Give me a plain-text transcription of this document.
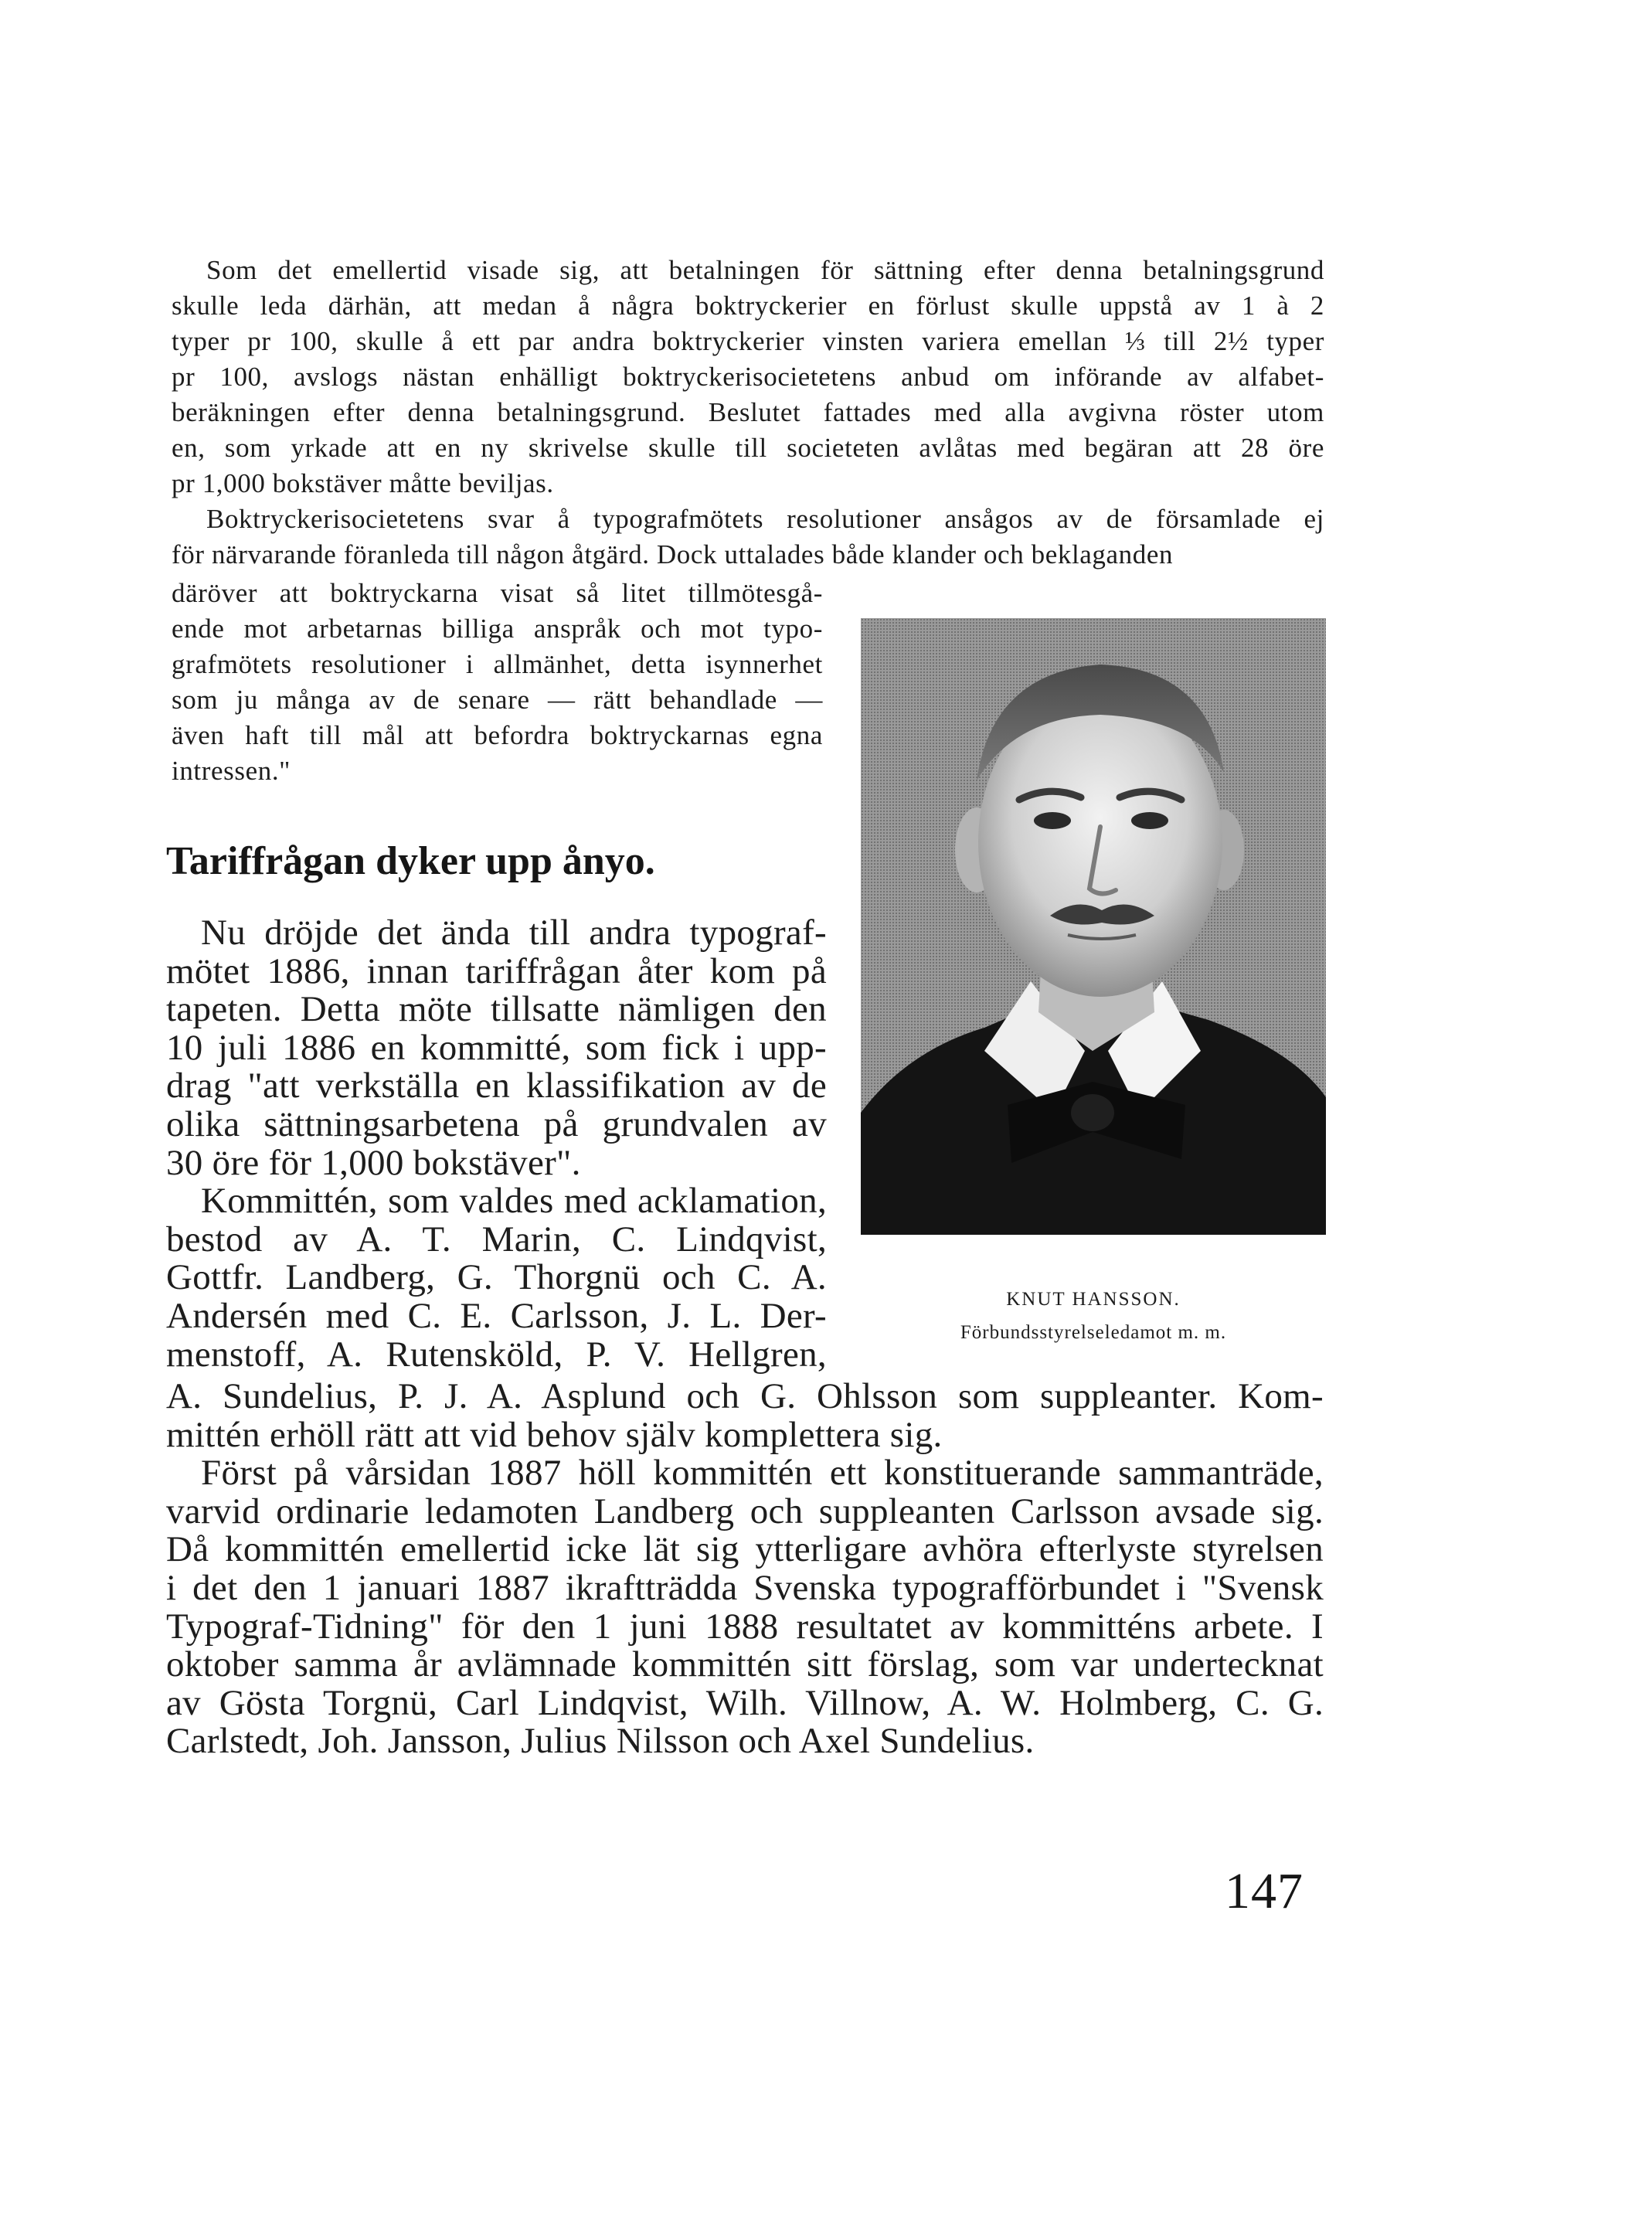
Som det emellertid visade sig, att betalningen för sättning efter denna betalningsgrund
skulle leda därhän, att medan å några boktryckerier en förlust skulle uppstå av 1 à 2
typer pr 100, skulle å ett par andra boktryckerier vinsten variera emellan ⅓ till 2½ typer
pr 100, avslogs nästan enhälligt boktryckerisocietetens anbud om införande av alfabet-
beräkningen efter denna betalningsgrund. Beslutet fattades med alla avgivna röster utom
en, som yrkade att en ny skrivelse skulle till societeten avlåtas med begäran att 28 öre
pr 1,000 bokstäver måtte beviljas.
Boktryckerisocietetens svar å typografmötets resolutioner ansågos av de församlade ej
för närvarande föranleda till någon åtgärd. Dock uttalades både klander och beklaganden
däröver att boktryckarna visat så litet tillmötesgå-
ende mot arbetarnas billiga anspråk och mot typo-
grafmötets resolutioner i allmänhet, detta isynnerhet
som ju många av de senare — rätt behandlade —
även haft till mål att befordra boktryckarnas egna
intressen."
Tariffrågan dyker upp ånyo.
Nu dröjde det ända till andra typograf-
mötet 1886, innan tariffrågan åter kom på
tapeten. Detta möte tillsatte nämligen den
10 juli 1886 en kommitté, som fick i upp-
drag "att verkställa en klassifikation av de
olika sättningsarbetena på grundvalen av
30 öre för 1,000 bokstäver".
Kommittén, som valdes med acklamation,
bestod av A. T. Marin, C. Lindqvist,
Gottfr. Landberg, G. Thorgnü och C. A.
Andersén med C. E. Carlsson, J. L. Der-
menstoff, A. Rutensköld, P. V. Hellgren,
A. Sundelius, P. J. A. Asplund och G. Ohlsson som suppleanter. Kom-
mittén erhöll rätt att vid behov själv komplettera sig.
Först på vårsidan 1887 höll kommittén ett konstituerande sammanträde,
varvid ordinarie ledamoten Landberg och suppleanten Carlsson avsade sig.
Då kommittén emellertid icke lät sig ytterligare avhöra efterlyste styrelsen
i det den 1 januari 1887 ikraftträdda Svenska typografförbundet i "Svensk
Typograf-Tidning" för den 1 juni 1888 resultatet av kommitténs arbete. I
oktober samma år avlämnade kommittén sitt förslag, som var undertecknat
av Gösta Torgnü, Carl Lindqvist, Wilh. Villnow, A. W. Holmberg, C. G.
Carlstedt, Joh. Jansson, Julius Nilsson och Axel Sundelius.
KNUT HANSSON.
Förbundsstyrelseledamot m. m.
147
